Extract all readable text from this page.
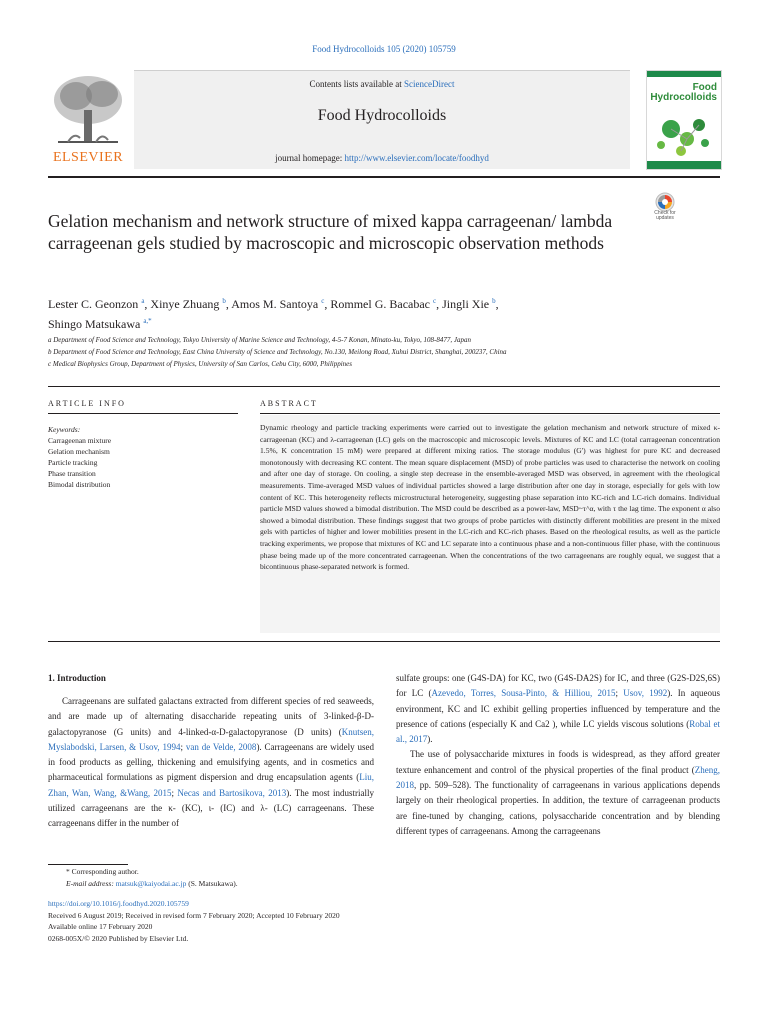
Food Hydrocolloids 105 (2020) 105759
ELSEVIER
Contents lists available at ScienceDirect
Food Hydrocolloids
journal homepage: http://www.elsevier.com/locate/foodhyd
Food
Hydrocolloids
Check for
updates
Gelation mechanism and network structure of mixed kappa carrageenan/ lambda carrageenan gels studied by macroscopic and microscopic observation methods
Lester C. Geonzon $^a$, Xinye Zhuang $^b$, Amos M. Santoya $^c$, Rommel G. Bacabac $^c$, Jingli Xie $^b$,
Shingo Matsukawa $^{a,*}$
a Department of Food Science and Technology, Tokyo University of Marine Science and Technology, 4-5-7 Konan, Minato-ku, Tokyo, 108-8477, Japan
b Department of Food Science and Technology, East China University of Science and Technology, No.130, Meilong Road, Xuhui District, Shanghai, 200237, China
c Medical Biophysics Group, Department of Physics, University of San Carlos, Cebu City, 6000, Philippines
ARTICLE INFO	ABSTRACT
Keywords:
Carrageenan mixture
Gelation mechanism
Particle tracking
Phase transition
Bimodal distribution
Dynamic rheology and particle tracking experiments were carried out to investigate the gelation mechanism and network structure of mixed κ-carrageenan (KC) and λ-carrageenan (LC) gels on the macroscopic and microscopic levels. Mixtures of KC and LC (total carrageenan concentration 1.5%, K concentration 15 mM) were prepared at different mixing ratios. The storage modulus (G') was highest for pure KC and decreased monotonously with decreasing KC content. The mean square displacement (MSD) of probe particles was used to characterise the network on cooling and after one day of storage. On cooling, a single step decrease in the ensemble-averaged MSD was observed, in agreement with the rheological measurements. Time-averaged MSD values of individual particles showed a large distribution after one day in storage, especially for gels with low content of KC. This heterogeneity reflects microstructural heterogeneity, suggesting phase separation into KC-rich and LC-rich domains. Individual particle MSD values showed a bimodal distribution. The MSD could be described as a power-law, MSD~τ^α, with τ the lag time. The exponent α also showed a bimodal distribution. These findings suggest that two groups of probe particles with distinctly different mobilities are present in the mixed gels with particles of higher and lower mobilities present in the LC-rich and KC-rich phases. Based on the rheological results, as well as the particle tracking experiments, we propose that mixtures of KC and LC separate into a continuous phase and a non-continuous filler phase, with the continuous phase being made up of the more concentrated carrageenan. When the concentrations of the two carrageenans are roughly equal, we suggest that a bicontinuous phase-separated network is formed.
1. Introduction

Carrageenans are sulfated galactans extracted from different species of red seaweeds, and are made up of alternating disaccharide repeating units of 3-linked-β-D-galactopyranose (G units) and 4-linked-α-D-galactopyranose (D units) (Knutsen, Myslabodski, Larsen, & Usov, 1994; van de Velde, 2008). Carrageenans are widely used in food products as gelling, thickening and emulsifying agents, and in cosmetics and pharmaceutical formulations as pigment dispersion and drug encapsulation agents (Liu, Zhan, Wan, Wang, &Wang, 2015; Necas and Bartosikova, 2013). The most industrially utilized carrageenans are the κ- (KC), ι- (IC) and λ- (LC) carrageenans. These carrageenans differ in the number of

sulfate groups: one (G4S-DA) for KC, two (G4S-DA2S) for IC, and three (G2S-D2S,6S) for LC (Azevedo, Torres, Sousa-Pinto, & Hilliou, 2015; Usov, 1992). In aqueous environment, KC and IC exhibit gelling properties influenced by temperature and the presence of cations (especially K and Ca2 ), while LC yields viscous solutions (Robal et al., 2017).

The use of polysaccharide mixtures in foods is widespread, as they afford greater texture enhancement and control of the physical properties of the final product (Zheng, 2018, pp. 509–528). The functionality of carrageenans in various applications depends largely on their rheological properties. In addition, the texture of carrageenan products are fine-tuned by changing, cations, polysaccharide concentration and by blending different types of carrageenans. Among the carrageenans

* Corresponding author.
E-mail address: matsuk@kaiyodai.ac.jp (S. Matsukawa).
https://doi.org/10.1016/j.foodhyd.2020.105759
Received 6 August 2019; Received in revised form 7 February 2020; Accepted 10 February 2020
Available online 17 February 2020
0268-005X/© 2020 Published by Elsevier Ltd.
